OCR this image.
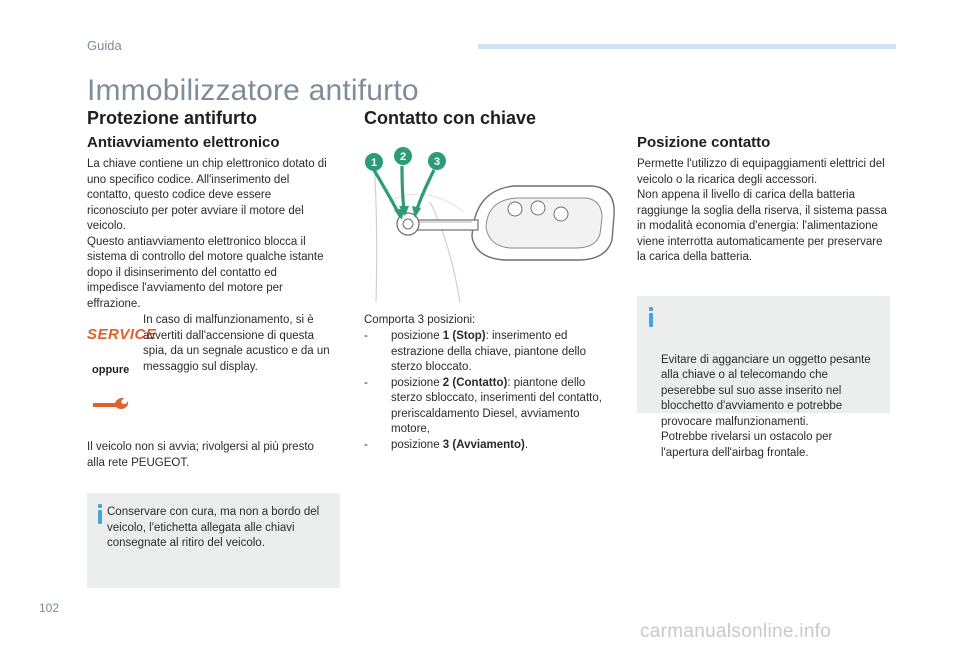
Guida
Immobilizzatore antifurto
Protezione antifurto
Antiavviamento elettronico

La chiave contiene un chip elettronico dotato di uno specifico codice. All'inserimento del contatto, questo codice deve essere riconosciuto per poter avviare il motore del veicolo.
Questo antiavviamento elettronico blocca il sistema di controllo del motore qualche istante dopo il disinserimento del contatto ed impedisce l'avviamento del motore per effrazione.

SERVICE
oppure

In caso di malfunzionamento, si è avvertiti dall'accensione di questa spia, da un segnale acustico e da un messaggio sul display.

Il veicolo non si avvia; rivolgersi al più presto alla rete PEUGEOT.

Conservare con cura, ma non a bordo del veicolo, l'etichetta allegata alle chiavi consegnate al ritiro del veicolo.
Contatto con chiave
1 2	3

Comporta 3 posizioni:

- posizione 1 (Stop): inserimento ed estrazione della chiave, piantone dello sterzo bloccato.
- posizione 2 (Contatto): piantone dello sterzo sbloccato, inserimenti del contatto, preriscaldamento Diesel, avviamento motore,
- posizione 3 (Avviamento).
Posizione contatto

Permette l'utilizzo di equipaggiamenti elettrici del veicolo o la ricarica degli accessori.
Non appena il livello di carica della batteria raggiunge la soglia della riserva, il sistema passa in modalità economia d'energia: l'alimentazione viene interrotta automaticamente per preservare la carica della batteria.

Evitare di agganciare un oggetto pesante alla chiave o al telecomando che peserebbe sul suo asse inserito nel blocchetto d'avviamento e potrebbe provocare malfunzionamenti.
Potrebbe rivelarsi un ostacolo per l'apertura dell'airbag frontale.

102
carmanualsonline.info
